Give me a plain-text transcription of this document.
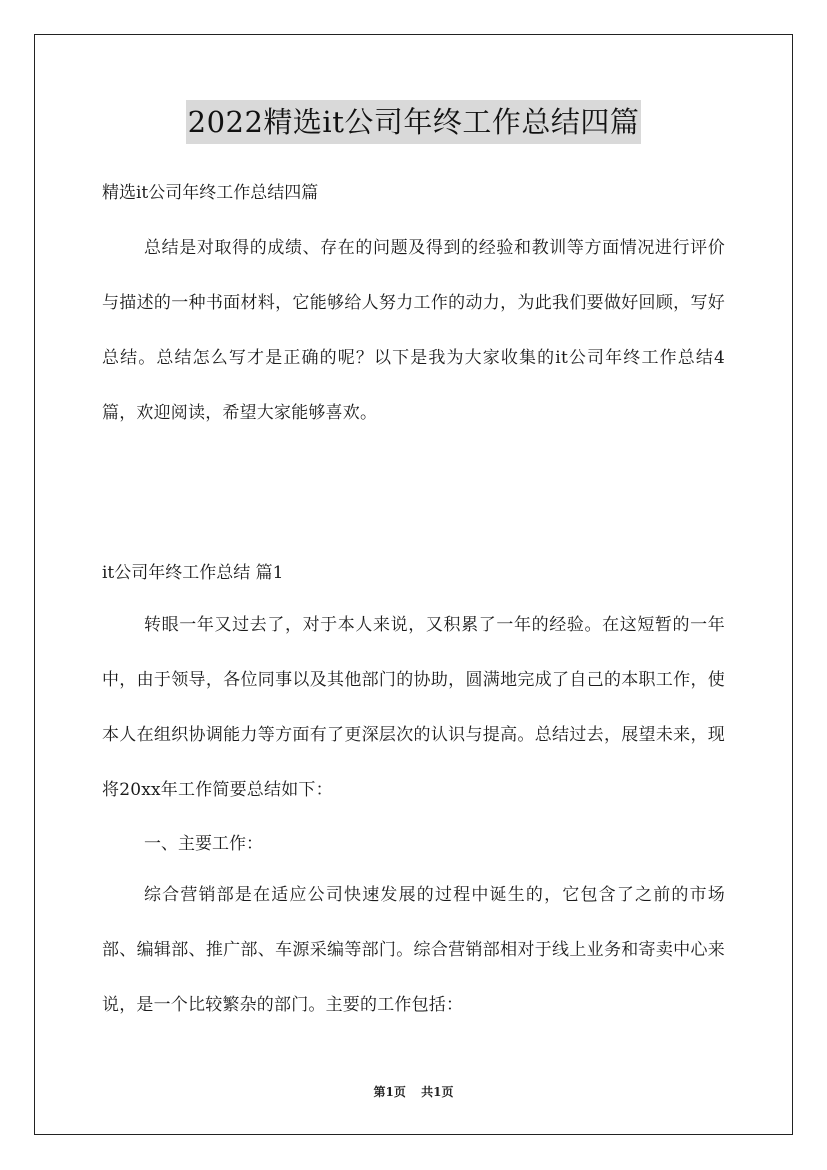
2022精选it公司年终工作总结四篇
精选it公司年终工作总结四篇

总结是对取得的成绩、存在的问题及得到的经验和教训等方面情况进行评价与描述的一种书面材料，它能够给人努力工作的动力，为此我们要做好回顾，写好总结。总结怎么写才是正确的呢？以下是我为大家收集的it公司年终工作总结4篇，欢迎阅读，希望大家能够喜欢。

it公司年终工作总结 篇1

转眼一年又过去了，对于本人来说，又积累了一年的经验。在这短暂的一年中，由于领导，各位同事以及其他部门的协助，圆满地完成了自己的本职工作，使本人在组织协调能力等方面有了更深层次的认识与提高。总结过去，展望未来，现将20xx年工作简要总结如下：

一、主要工作：

综合营销部是在适应公司快速发展的过程中诞生的，它包含了之前的市场部、编辑部、推广部、车源采编等部门。综合营销部相对于线上业务和寄卖中心来说，是一个比较繁杂的部门。主要的工作包括：

第1页 共1页
